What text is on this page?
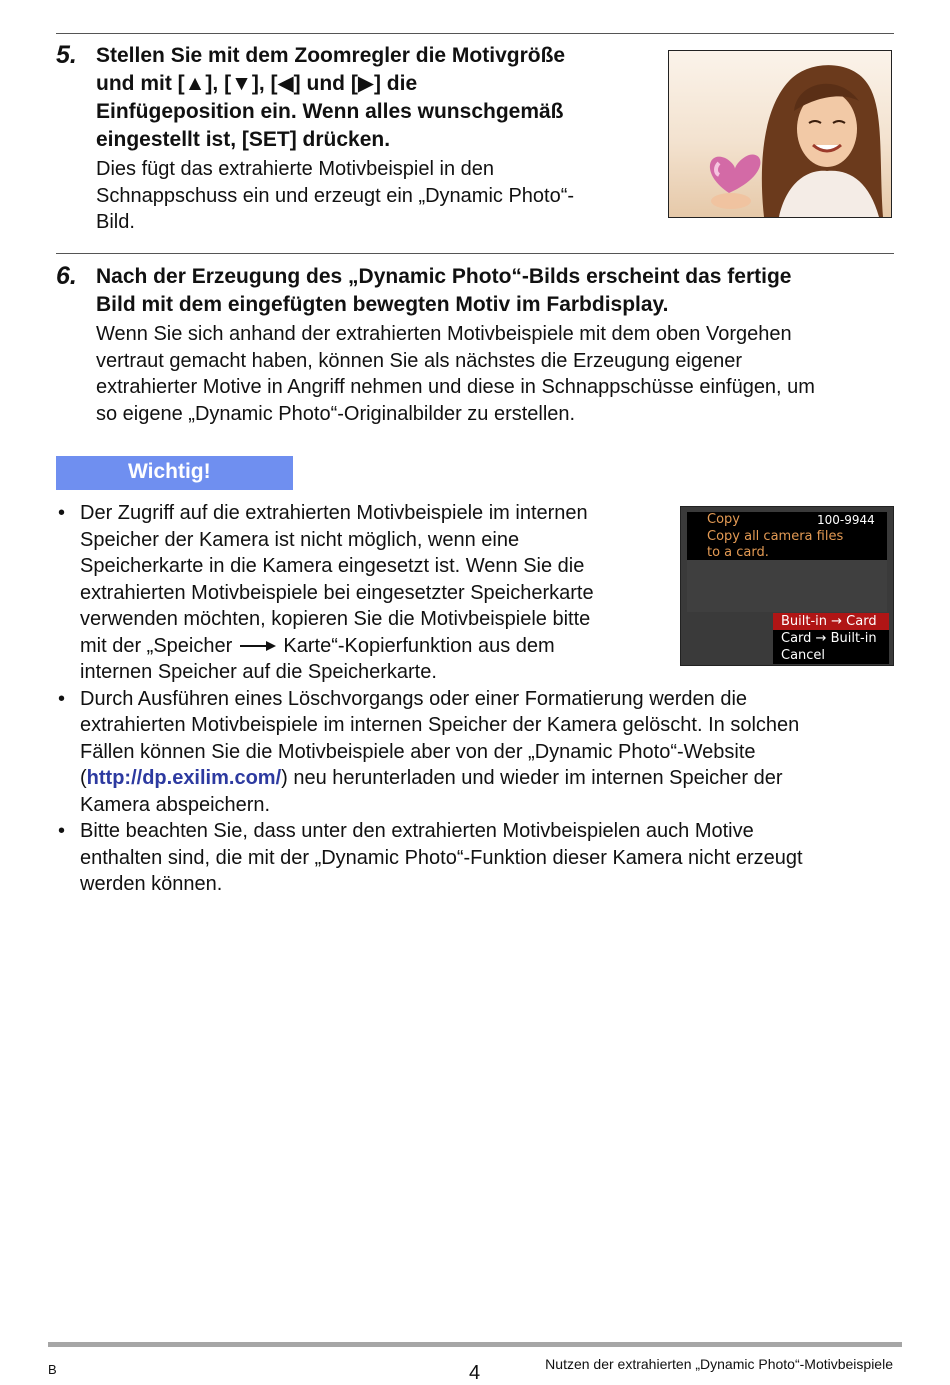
5. Stellen Sie mit dem Zoomregler die Motivgröße
und mit [▲], [▼], [◀] und [▶] die
Einfügeposition ein. Wenn alles wunschgemäß
eingestellt ist, [SET] drücken.
Dies fügt das extrahierte Motivbeispiel in den
Schnappschuss ein und erzeugt ein „Dynamic Photo“-
Bild.
6. Nach der Erzeugung des „Dynamic Photo“-Bilds erscheint das fertige
Bild mit dem eingefügten bewegten Motiv im Farbdisplay.
Wenn Sie sich anhand der extrahierten Motivbeispiele mit dem oben Vorgehen
vertraut gemacht haben, können Sie als nächstes die Erzeugung eigener
extrahierter Motive in Angriff nehmen und diese in Schnappschüsse einfügen, um
so eigene „Dynamic Photo“-Originalbilder zu erstellen.
Wichtig!
• Der Zugriff auf die extrahierten Motivbeispiele im internen
Speicher der Kamera ist nicht möglich, wenn eine
Speicherkarte in die Kamera eingesetzt ist. Wenn Sie die
extrahierten Motivbeispiele bei eingesetzter Speicherkarte
verwenden möchten, kopieren Sie die Motivbeispiele bitte
mit der „Speicher	Karte“-Kopierfunktion aus dem
internen Speicher auf die Speicherkarte.
• Durch Ausführen eines Löschvorgangs oder einer Formatierung werden die
extrahierten Motivbeispiele im internen Speicher der Kamera gelöscht. In solchen
Fällen können Sie die Motivbeispiele aber von der „Dynamic Photo“-Website
(http://dp.exilim.com/) neu herunterladen und wieder im internen Speicher der
Kamera abspeichern.
• Bitte beachten Sie, dass unter den extrahierten Motivbeispielen auch Motive
enthalten sind, die mit der „Dynamic Photo“-Funktion dieser Kamera nicht erzeugt
werden können.
Copy	100-9944
Copy all camera files
to a card.
Built-in → Card
Card → Built-in
Cancel
B	4	Nutzen der extrahierten „Dynamic Photo“-Motivbeispiele
